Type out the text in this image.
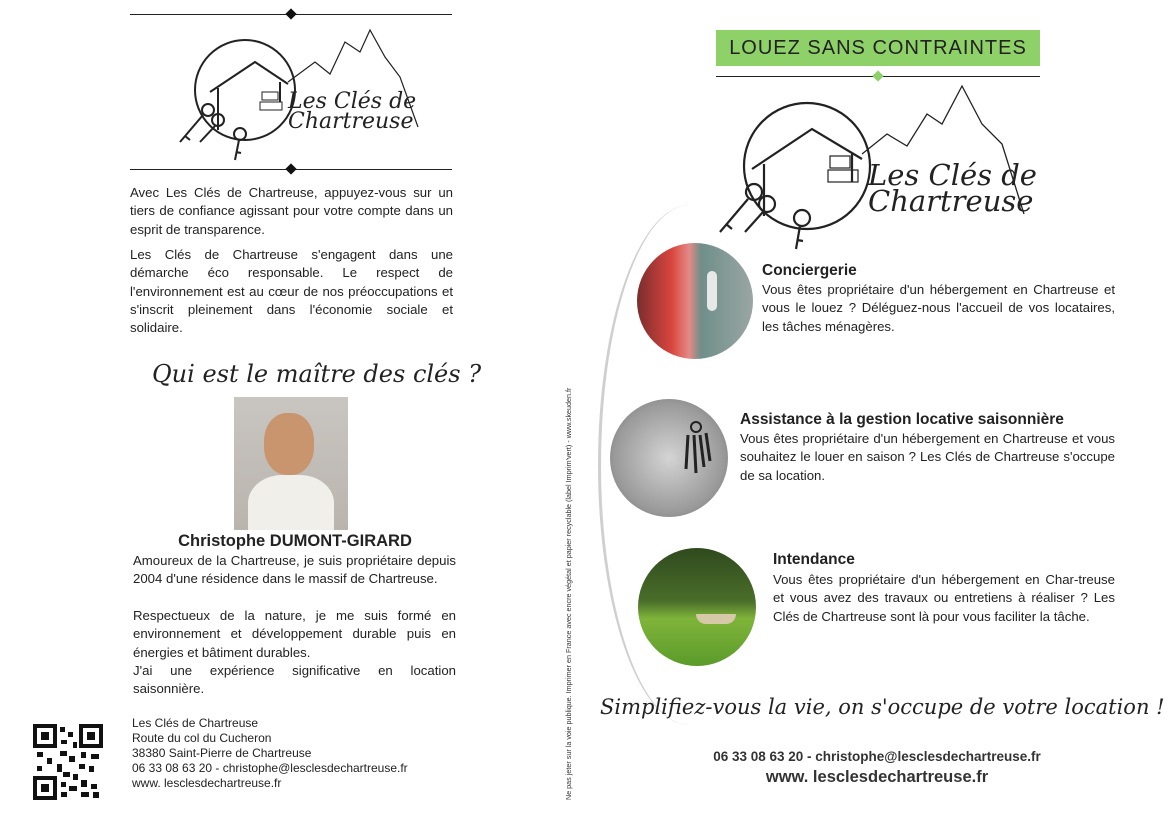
Les Clés de
Chartreuse

Avec Les Clés de Chartreuse, appuyez-vous sur un tiers de confiance agissant pour votre compte dans un esprit de transparence.

Les Clés de Chartreuse s'engagent dans une démarche éco responsable. Le respect de l'environnement est au cœur de nos préoccupations et s'inscrit pleinement dans l'économie sociale et solidaire.

Qui est le maître des clés ?
Christophe DUMONT-GIRARD

Amoureux de la Chartreuse, je suis propriétaire depuis 2004 d'une résidence dans le massif de Chartreuse.

Respectueux de la nature, je me suis formé en environnement et développement durable puis en énergies et bâtiment durables.

J'ai une expérience significative en location saisonnière.

Les Clés de Chartreuse
Route du col du Cucheron
38380 Saint-Pierre de Chartreuse
06 33 08 63 20 - christophe@lesclesdechartreuse.fr
www. lesclesdechartreuse.fr	Ne pas jeter sur la voie publique. Imprimer en France avec encre végétal et papier recyclable (label Imprim'vert) - www.skeuden.fr
LOUEZ SANS CONTRAINTES
Les Clés de
Chartreuse
Conciergerie
Vous êtes propriétaire d'un hébergement en Chartreuse et vous le louez ? Déléguez-nous l'accueil de vos locataires, les tâches ménagères.
Assistance à la gestion locative saisonnière
Vous êtes propriétaire d'un hébergement en Chartreuse et vous souhaitez le louer en saison ? Les Clés de Chartreuse s'occupe de sa location.
Intendance
Vous êtes propriétaire d'un hébergement en Char-treuse et vous avez des travaux ou entretiens à réaliser ? Les Clés de Chartreuse sont là pour vous faciliter la tâche.
Simplifiez-vous la vie, on s'occupe de votre location !
06 33 08 63 20 - christophe@lesclesdechartreuse.fr
www. lesclesdechartreuse.fr
